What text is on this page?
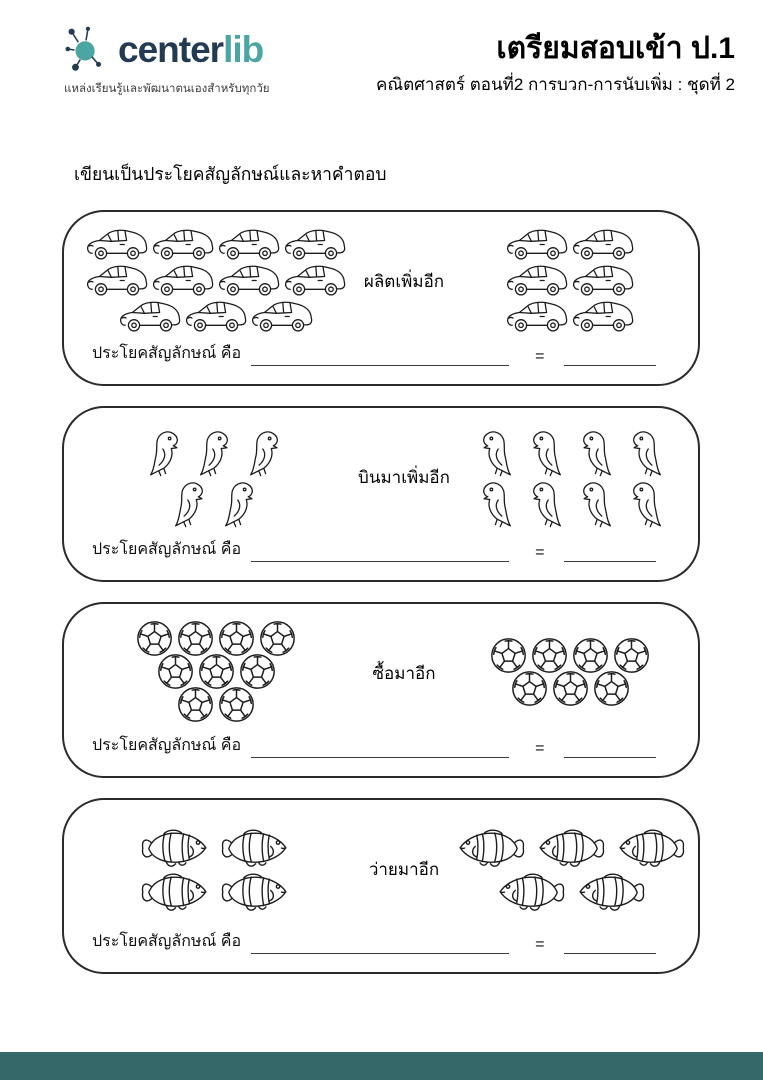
centerlib
แหล่งเรียนรู้และพัฒนาตนเองสำหรับทุกวัย
เตรียมสอบเข้า ป.1
คณิตศาสตร์ ตอนที่2 การบวก-การนับเพิ่ม : ชุดที่ 2
เขียนเป็นประโยคสัญลักษณ์และหาคำตอบ
ผลิตเพิ่มอีก
ประโยคสัญลักษณ์ คือ	=
บินมาเพิ่มอีก
ประโยคสัญลักษณ์ คือ	=
ซื้อมาอีก
ประโยคสัญลักษณ์ คือ	=
ว่ายมาอีก
ประโยคสัญลักษณ์ คือ	=
